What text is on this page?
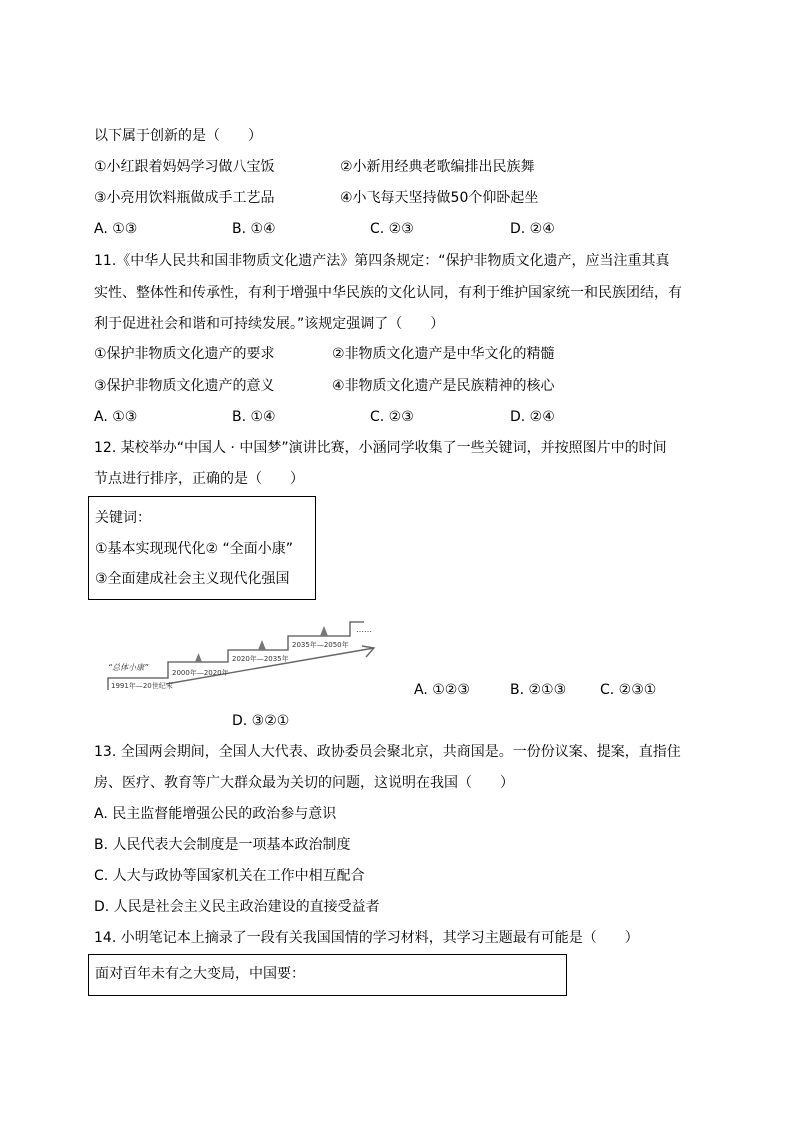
以下属于创新的是（　　）
①小红跟着妈妈学习做八宝饭	②小新用经典老歌编排出民族舞
③小亮用饮料瓶做成手工艺品	④小飞每天坚持做50个仰卧起坐
A. ①③	B. ①④	C. ②③	D. ②④
11.《中华人民共和国非物质文化遗产法》第四条规定：“保护非物质文化遗产，应当注重其真
实性、整体性和传承性，有利于增强中华民族的文化认同，有利于维护国家统一和民族团结，有
利于促进社会和谐和可持续发展。”该规定强调了（　　）
①保护非物质文化遗产的要求	②非物质文化遗产是中华文化的精髓
③保护非物质文化遗产的意义	④非物质文化遗产是民族精神的核心
A. ①③	B. ①④	C. ②③	D. ②④
12. 某校举办“中国人 · 中国梦”演讲比赛，小涵同学收集了一些关键词，并按照图片中的时间
节点进行排序，正确的是（　　）
关键词：
①基本实现现代化② “全面小康”
③全面建成社会主义现代化强国
“总体小康”
1991年—20世纪末
2000年—2020年
2020年—2035年
2035年—2050年
……
A. ①②③	B. ②①③ C. ②③①
D. ③②①
13. 全国两会期间，全国人大代表、政协委员会聚北京，共商国是。一份份议案、提案，直指住
房、医疗、教育等广大群众最为关切的问题，这说明在我国（　　）
A. 民主监督能增强公民的政治参与意识
B. 人民代表大会制度是一项基本政治制度
C. 人大与政协等国家机关在工作中相互配合
D. 人民是社会主义民主政治建设的直接受益者
14. 小明笔记本上摘录了一段有关我国国情的学习材料，其学习主题最有可能是（　　）
面对百年未有之大变局，中国要：
